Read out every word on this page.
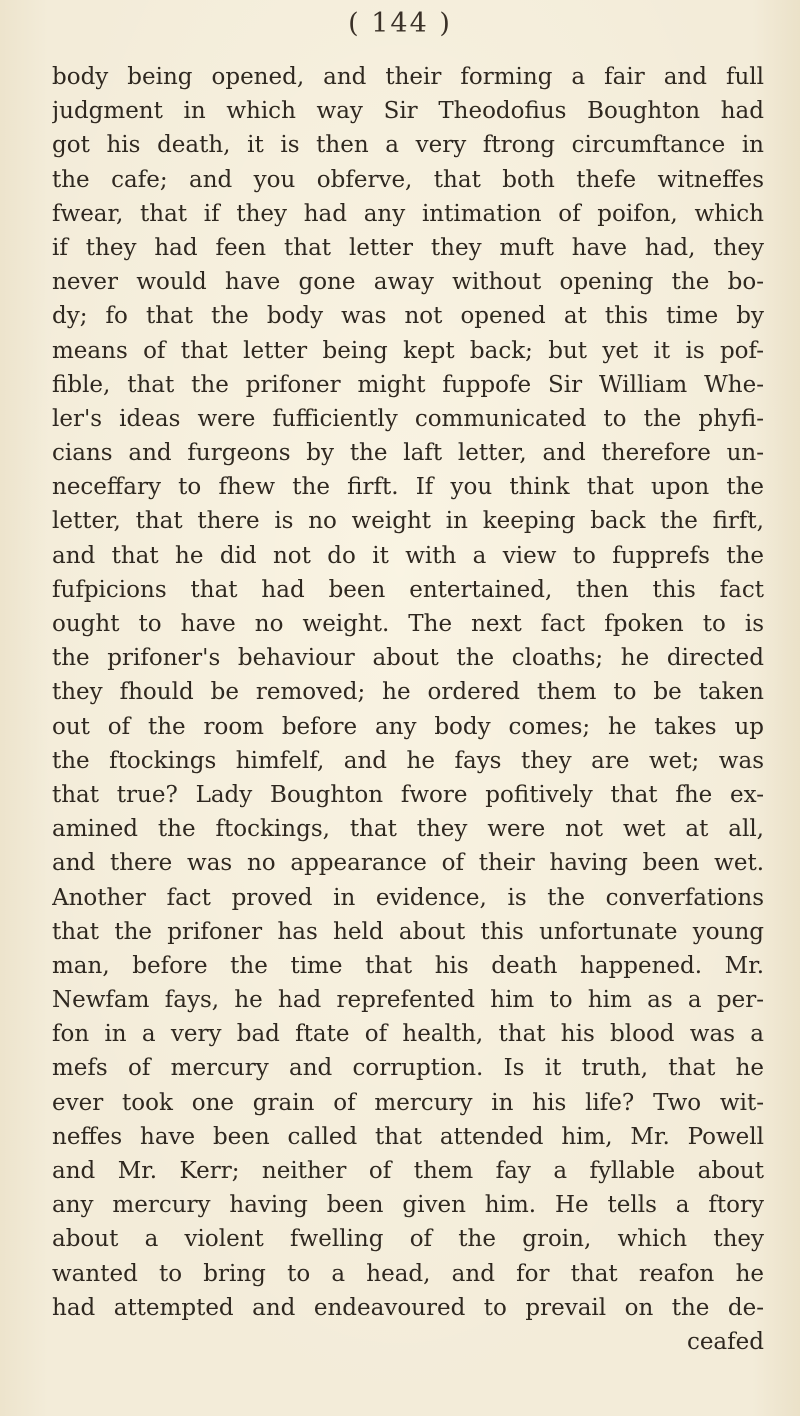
( 144 )
body being opened, and their forming a fair and full
judgment in which way Sir Theodofius Boughton had
got his death, it is then a very ftrong circumftance in
the cafe; and you obferve, that both thefe witneffes
fwear, that if they had any intimation of poifon, which
if they had feen that letter they muft have had, they
never would have gone away without opening the bo-
dy; fo that the body was not opened at this time by
means of that letter being kept back; but yet it is pof-
fible, that the prifoner might fuppofe Sir William Whe-
ler's ideas were fufficiently communicated to the phyfi-
cians and furgeons by the laft letter, and therefore un-
neceffary to fhew the firft. If you think that upon the
letter, that there is no weight in keeping back the firft,
and that he did not do it with a view to fupprefs the
fufpicions that had been entertained, then this fact
ought to have no weight. The next fact fpoken to is
the prifoner's behaviour about the cloaths; he directed
they fhould be removed; he ordered them to be taken
out of the room before any body comes; he takes up
the ftockings himfelf, and he fays they are wet; was
that true? Lady Boughton fwore pofitively that fhe ex-
amined the ftockings, that they were not wet at all,
and there was no appearance of their having been wet.
Another fact proved in evidence, is the converfations
that the prifoner has held about this unfortunate young
man, before the time that his death happened. Mr.
Newfam fays, he had reprefented him to him as a per-
fon in a very bad ftate of health, that his blood was a
mefs of mercury and corruption. Is it truth, that he
ever took one grain of mercury in his life? Two wit-
neffes have been called that attended him, Mr. Powell
and Mr. Kerr; neither of them fay a fyllable about
any mercury having been given him. He tells a ftory
about a violent fwelling of the groin, which they
wanted to bring to a head, and for that reafon he
had attempted and endeavoured to prevail on the de-
ceafed
